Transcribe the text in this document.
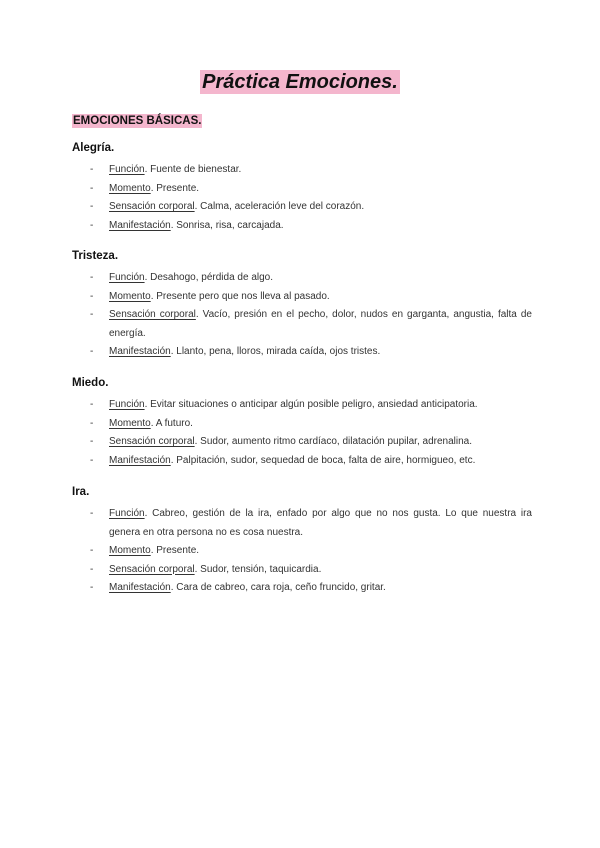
Práctica Emociones.
EMOCIONES BÁSICAS.
Alegría.
- Función. Fuente de bienestar.
- Momento. Presente.
- Sensación corporal. Calma, aceleración leve del corazón.
- Manifestación. Sonrisa, risa, carcajada.
Tristeza.
- Función. Desahogo, pérdida de algo.
- Momento. Presente pero que nos lleva al pasado.
- Sensación corporal. Vacío, presión en el pecho, dolor, nudos en garganta, angustia, falta de energía.
- Manifestación. Llanto, pena, lloros, mirada caída, ojos tristes.
Miedo.
- Función. Evitar situaciones o anticipar algún posible peligro, ansiedad anticipatoria.
- Momento. A futuro.
- Sensación corporal. Sudor, aumento ritmo cardíaco, dilatación pupilar, adrenalina.
- Manifestación. Palpitación, sudor, sequedad de boca, falta de aire, hormigueo, etc.
Ira.
- Función. Cabreo, gestión de la ira, enfado por algo que no nos gusta. Lo que nuestra ira genera en otra persona no es cosa nuestra.
- Momento. Presente.
- Sensación corporal. Sudor, tensión, taquicardia.
- Manifestación. Cara de cabreo, cara roja, ceño fruncido, gritar.
